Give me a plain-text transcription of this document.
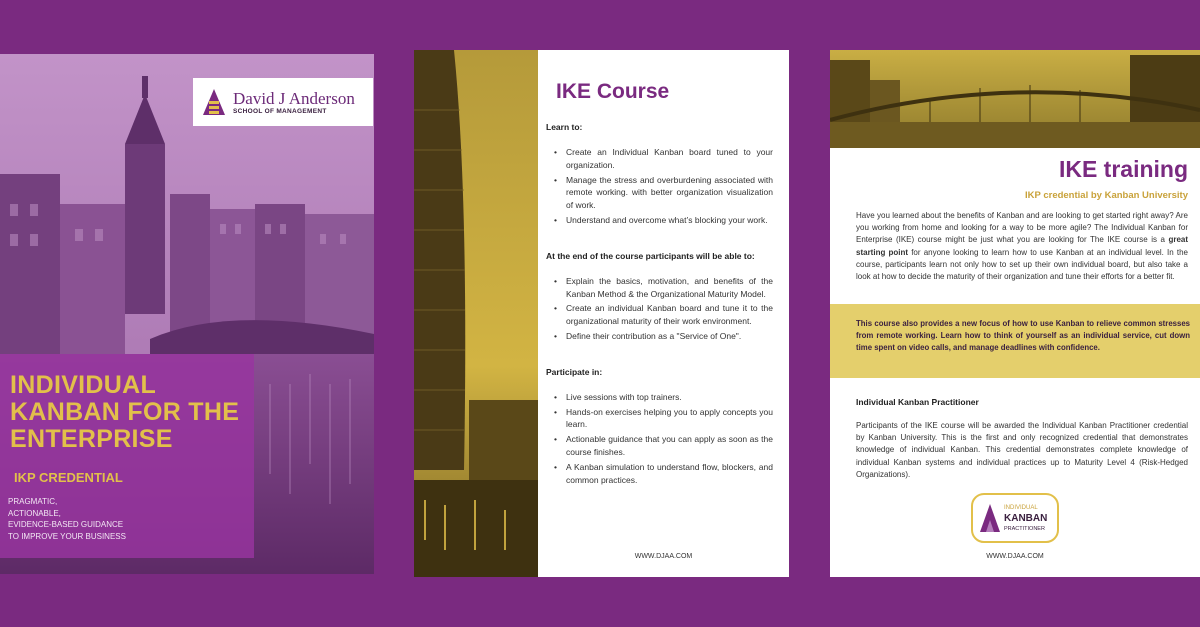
David J Anderson
SCHOOL OF MANAGEMENT
INDIVIDUAL KANBAN FOR THE ENTERPRISE
IKP CREDENTIAL
PRAGMATIC,
ACTIONABLE,
EVIDENCE-BASED GUIDANCE
TO IMPROVE YOUR BUSINESS
IKE Course
Learn to:
• Create an Individual Kanban board tuned to your organization.
• Manage the stress and overburdening associated with remote working. with better organization visualization of work.
• Understand and overcome what’s blocking your work.
At the end of the course participants will be able to:
• Explain the basics, motivation, and benefits of the Kanban Method & the Organizational Maturity Model.
• Create an individual Kanban board and tune it to the organizational maturity of their work environment.
• Define their contribution as a "Service of One".
Participate in:
• Live sessions with top trainers.
• Hands-on exercises helping you to apply concepts you learn.
• Actionable guidance that you can apply as soon as the course finishes.
• A Kanban simulation to understand flow, blockers, and common practices.
WWW.DJAA.COM
IKE training
IKP credential by Kanban University
Have you learned about the benefits of Kanban and are looking to get started right away? Are you working from home and looking for a way to be more agile? The Individual Kanban for Enterprise (IKE) course might be just what you are looking for The IKE course is a great starting point for anyone looking to learn how to use Kanban at an individual level. In the course, participants learn not only how to set up their own individual board, but also take a look at how to decide the maturity of their organization and tune their efforts for a better fit.

This course also provides a new focus of how to use Kanban to relieve common stresses from remote working. Learn how to think of yourself as an individual service, cut down time spent on video calls, and manage deadlines with confidence.

Individual Kanban Practitioner
Participants of the IKE course will be awarded the Individual Kanban Practitioner credential by Kanban University. This is the first and only recognized credential that demonstrates knowledge of individual Kanban. This credential demonstrates complete knowledge of individual Kanban systems and individual practices up to Maturity Level 4 (Risk-Hedged Organizations).
INDIVIDUAL
KANBAN
PRACTITIONER
WWW.DJAA.COM
